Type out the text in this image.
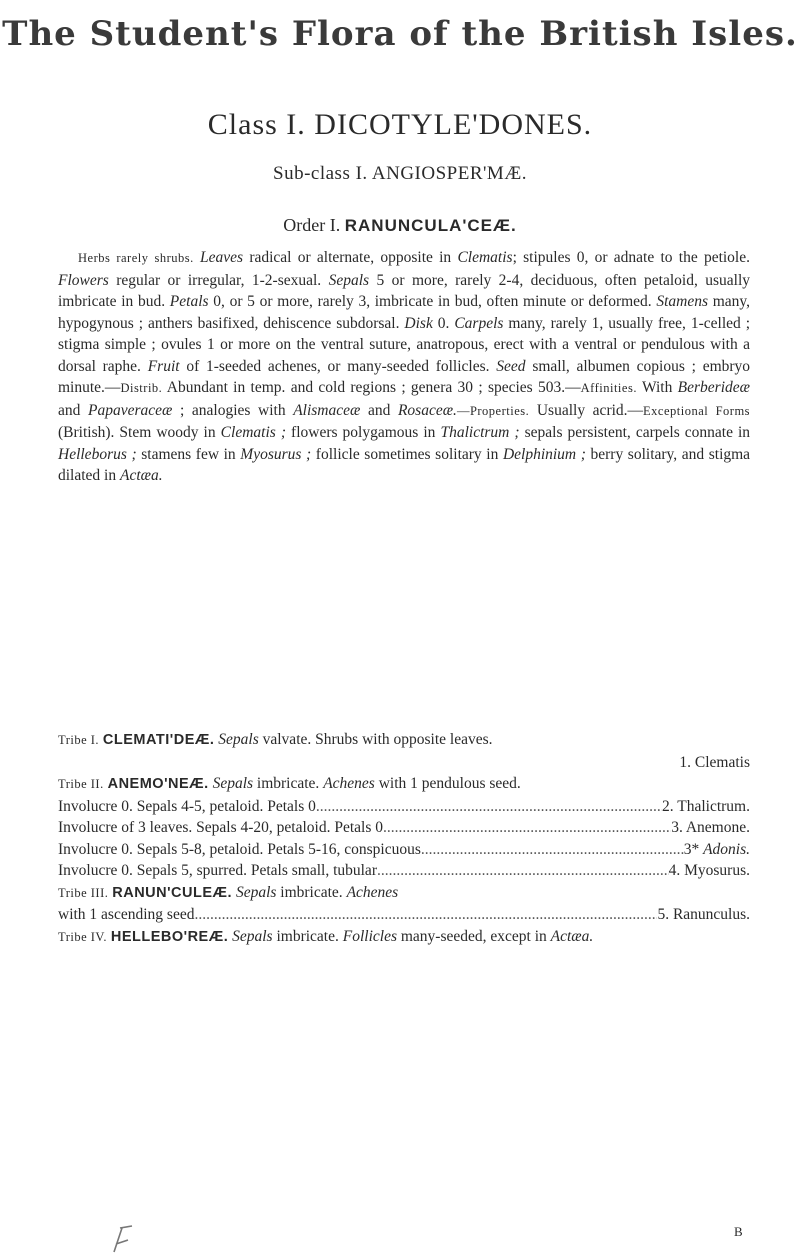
The Student's Flora of the British Isles.
Class I. DICOTYLE'DONES.
Sub-class I. ANGIOSPER'MÆ.
Order I. RANUNCULA'CEÆ.

Herbs rarely shrubs. Leaves radical or alternate, opposite in Clematis; stipules 0, or adnate to the petiole. Flowers regular or irregular, 1-2-sexual. Sepals 5 or more, rarely 2-4, deciduous, often petaloid, usually imbricate in bud. Petals 0, or 5 or more, rarely 3, imbricate in bud, often minute or deformed. Stamens many, hypogynous ; anthers basifixed, dehiscence subdorsal. Disk 0. Carpels many, rarely 1, usually free, 1-celled ; stigma simple ; ovules 1 or more on the ventral suture, anatropous, erect with a ventral or pendulous with a dorsal raphe. Fruit of 1-seeded achenes, or many-seeded follicles. Seed small, albumen copious ; embryo minute.—Distrib. Abundant in temp. and cold regions ; genera 30 ; species 503.—Affinities. With Berberideæ and Papaveraceæ ; analogies with Alismaceæ and Rosaceæ.—Properties. Usually acrid.—Exceptional Forms (British). Stem woody in Clematis ; flowers polygamous in Thalictrum ; sepals persistent, carpels connate in Helleborus ; stamens few in Myosurus ; follicle sometimes solitary in Delphinium ; berry solitary, and stigma dilated in Actæa.

Tribe I. CLEMATI'DEÆ. Sepals valvate. Shrubs with opposite leaves.
1. Clematis
Tribe II. ANEMO'NEÆ. Sepals imbricate. Achenes with 1 pendulous seed.
Involucre 0. Sepals 4-5, petaloid. Petals 0 .....	2. Thalictrum.
Involucre of 3 leaves. Sepals 4-20, petaloid. Petals 0 .....	3. Anemone.
Involucre 0. Sepals 5-8, petaloid. Petals 5-16, conspicuous .....	3* Adonis.
Involucre 0. Sepals 5, spurred. Petals small, tubular .....	4. Myosurus.
Tribe III. RANUN'CULEÆ. Sepals imbricate. Achenes
with 1 ascending seed .....	5. Ranunculus.
Tribe IV. HELLEBO'REÆ. Sepals imbricate. Follicles many-seeded, except in Actæa.
B
